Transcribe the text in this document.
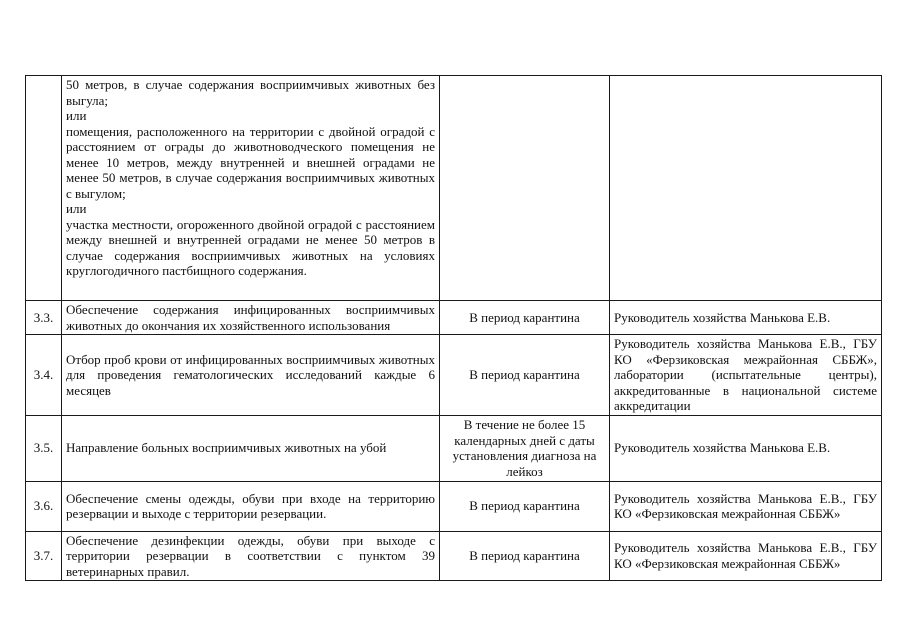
	50 метров, в случае содержания восприимчивых животных без выгула;
или
помещения, расположенного на территории с двойной оградой с расстоянием от ограды до животноводческого помещения не менее 10 метров, между внутренней и внешней оградами не менее 50 метров, в случае содержания восприимчивых животных с выгулом;
или
участка местности, огороженного двойной оградой с расстоянием между внешней и внутренней оградами не менее 50 метров в случае содержания восприимчивых животных на условиях круглогодичного пастбищного содержания.		

3.3.	Обеспечение содержания инфицированных восприимчивых животных до окончания их хозяйственного использования	В период карантина	Руководитель хозяйства Манькова Е.В.
3.4.	Отбор проб крови от инфицированных восприимчивых животных для проведения гематологических исследований каждые 6 месяцев	В период карантина	Руководитель хозяйства Манькова Е.В., ГБУ КО «Ферзиковская межрайонная СББЖ», лаборатории (испытательные центры), аккредитованные в национальной системе аккредитации
3.5.	Направление больных восприимчивых животных на убой	В течение не более 15 календарных дней с даты установления диагноза на лейкоз	Руководитель хозяйства Манькова Е.В.
3.6.	Обеспечение смены одежды, обуви при входе на территорию резервации и выходе с территории резервации.	В период карантина	Руководитель хозяйства Манькова Е.В., ГБУ КО «Ферзиковская межрайонная СББЖ»
3.7.	Обеспечение дезинфекции одежды, обуви при выходе с территории резервации в соответствии с пунктом 39 ветеринарных правил.	В период карантина	Руководитель хозяйства Манькова Е.В., ГБУ КО «Ферзиковская межрайонная СББЖ»
